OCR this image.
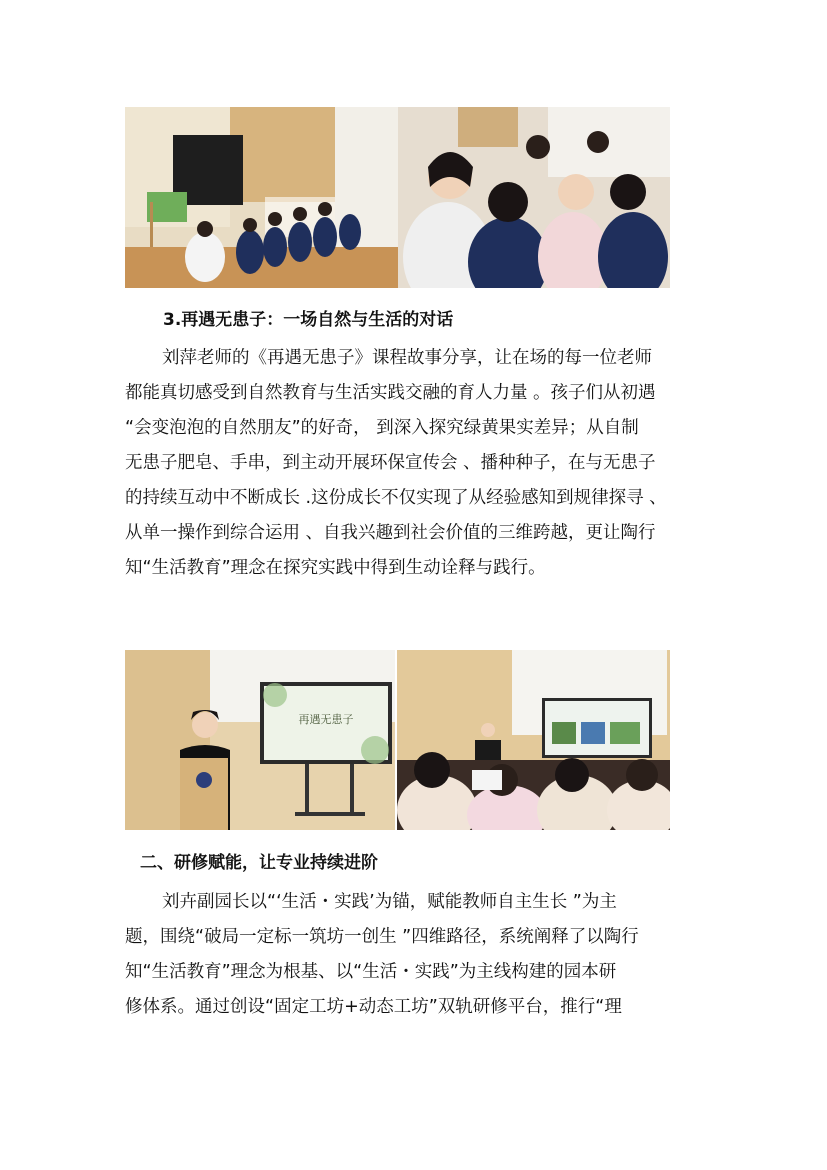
3.再遇无患子：一场自然与生活的对话
刘萍老师的《再遇无患子》课程故事分享，让在场的每一位老师
都能真切感受到自然教育与生活实践交融的育人力量 。孩子们从初遇
“会变泡泡的自然朋友”的好奇， 到深入探究绿黄果实差异；从自制
无患子肥皂、手串，到主动开展环保宣传会 、播种种子，在与无患子
的持续互动中不断成长 .这份成长不仅实现了从经验感知到规律探寻 、
从单一操作到综合运用 、自我兴趣到社会价值的三维跨越，更让陶行
知“生活教育”理念在探究实践中得到生动诠释与践行。
再遇无患子
二、研修赋能，让专业持续进阶
刘卉副园长以“‘生活・实践’为锚，赋能教师自主生长 ”为主
题，围绕“破局一定标一筑坊一创生 ”四维路径，系统阐释了以陶行
知“生活教育”理念为根基、以“生活・实践”为主线构建的园本研
修体系。通过创设“固定工坊+动态工坊”双轨研修平台，推行“理
